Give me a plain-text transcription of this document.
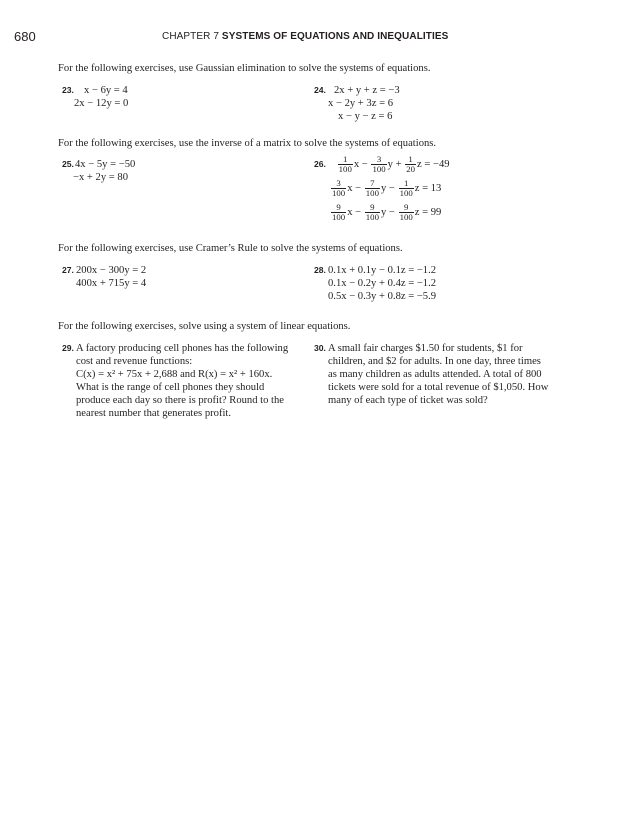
680	CHAPTER 7 SYSTEMS OF EQUATIONS AND INEQUALITIES
For the following exercises, use Gaussian elimination to solve the systems of equations.
23. x − 6y = 4
2x − 12y = 0
24. 2x + y + z = −3
x − 2y + 3z = 6
x − y − z = 6
For the following exercises, use the inverse of a matrix to solve the systems of equations.
25.4x − 5y = −50
−x + 2y = 80
26. $\frac{1}{100}$ $x - \frac{3}{100}$ $y + \frac{1}{20}$ z = −49
$\frac{3}{100}$ $x - \frac{7}{100}$ $y - \frac{1}{100}$ z = 13
$\frac{9}{100}$ $x - \frac{9}{100}$ $y - \frac{9}{100}$ z = 99
For the following exercises, use Cramer’s Rule to solve the systems of equations.
27. 200x − 300y = 2
400x + 715y = 4
28. 0.1x + 0.1y − 0.1z = −1.2
0.1x − 0.2y + 0.4z = −1.2
0.5x − 0.3y + 0.8z = −5.9
For the following exercises, solve using a system of linear equations.
29. A factory producing cell phones has the following
cost and revenue functions:
C(x) = x² + 75x + 2,688 and R(x) = x² + 160x.
What is the range of cell phones they should
produce each day so there is profit? Round to the
nearest number that generates profit.
30. A small fair charges $1.50 for students, $1 for
children, and $2 for adults. In one day, three times
as many children as adults attended. A total of 800
tickets were sold for a total revenue of $1,050. How
many of each type of ticket was sold?
